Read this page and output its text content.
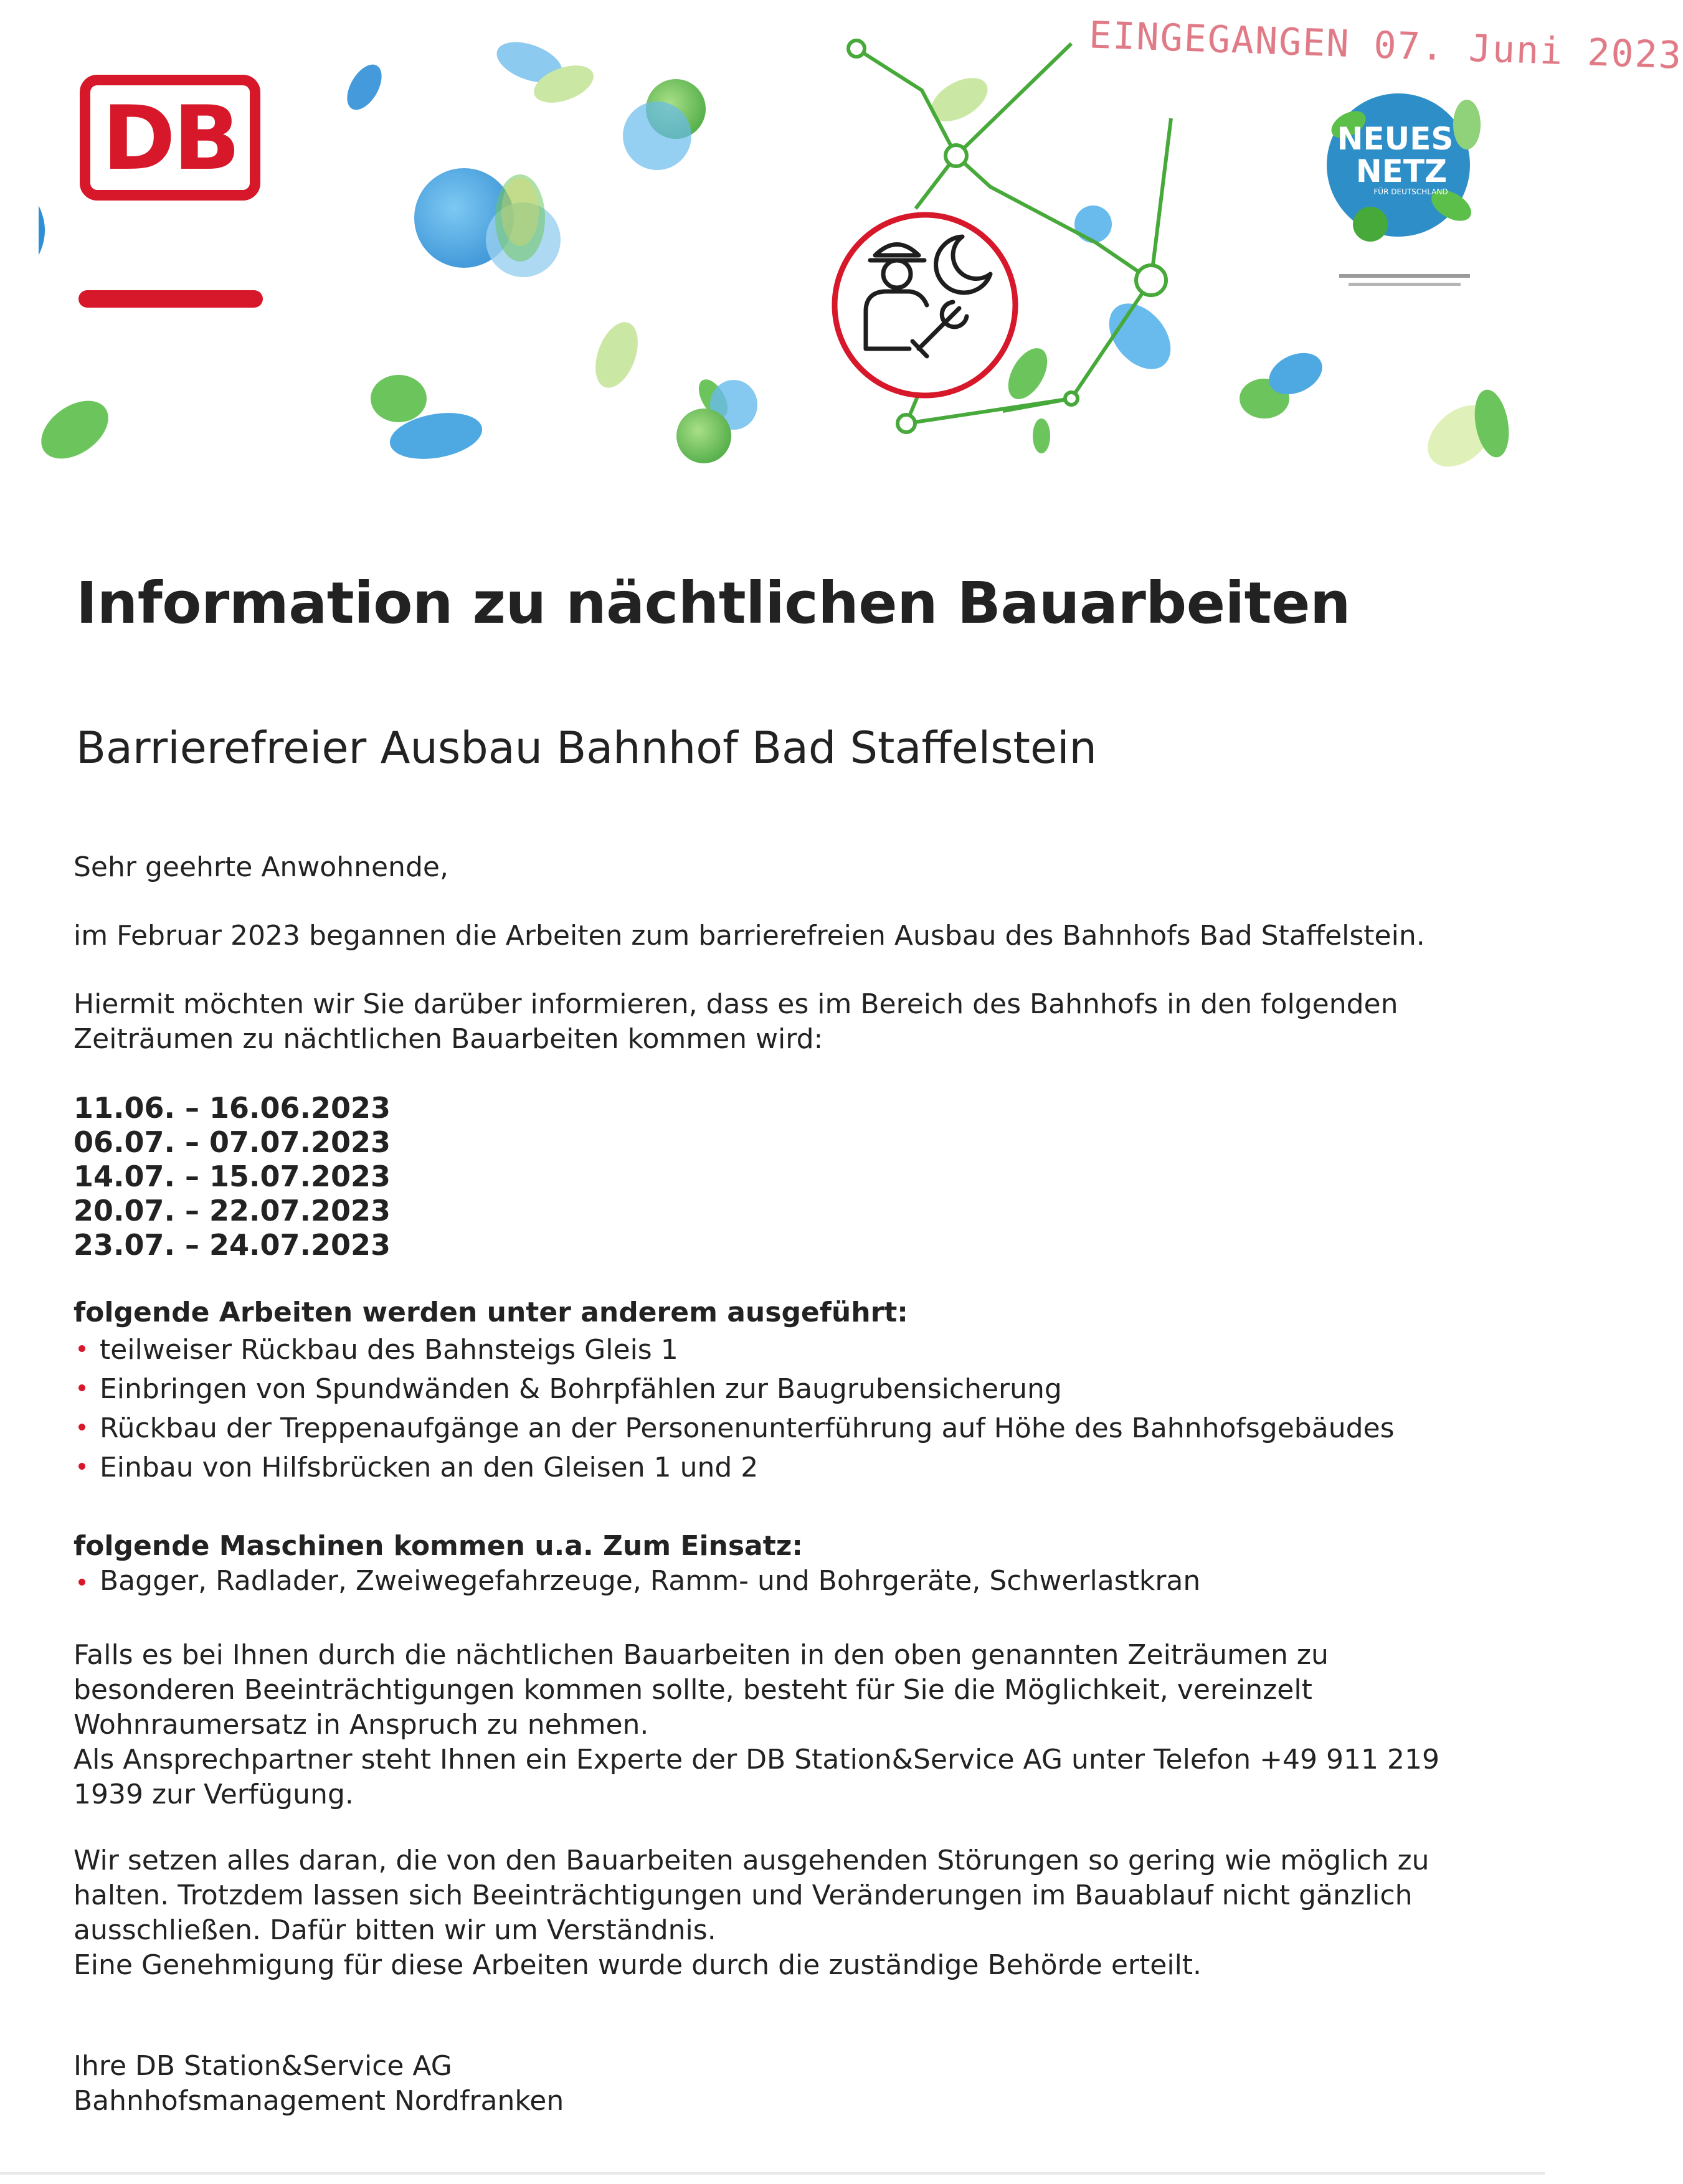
NEUES
NETZ
FÜR DEUTSCHLAND
DB
EINGEGANGEN 07. Juni 2023
Information zu nächtlichen Bauarbeiten
Barrierefreier Ausbau Bahnhof Bad Staffelstein

Sehr geehrte Anwohnende,

im Februar 2023 begannen die Arbeiten zum barrierefreien Ausbau des Bahnhofs Bad Staffelstein.

Hiermit möchten wir Sie darüber informieren, dass es im Bereich des Bahnhofs in den folgenden Zeiträumen zu nächtlichen Bauarbeiten kommen wird:

11.06. – 16.06.2023

06.07. – 07.07.2023

14.07. – 15.07.2023

20.07. – 22.07.2023

23.07. – 24.07.2023

folgende Arbeiten werden unter anderem ausgeführt:

teilweiser Rückbau des Bahnsteigs Gleis 1
Einbringen von Spundwänden & Bohrpfählen zur Baugrubensicherung
Rückbau der Treppenaufgänge an der Personenunterführung auf Höhe des Bahnhofsgebäudes
Einbau von Hilfsbrücken an den Gleisen 1 und 2

folgende Maschinen kommen u.a. Zum Einsatz:

Bagger, Radlader, Zweiwegefahrzeuge, Ramm- und Bohrgeräte, Schwerlastkran

Falls es bei Ihnen durch die nächtlichen Bauarbeiten in den oben genannten Zeiträumen zu besonderen Beeinträchtigungen kommen sollte, besteht für Sie die Möglichkeit, vereinzelt Wohnraumersatz in Anspruch zu nehmen.

Als Ansprechpartner steht Ihnen ein Experte der DB Station&Service AG unter Telefon +49 911 219 1939 zur Verfügung.

Wir setzen alles daran, die von den Bauarbeiten ausgehenden Störungen so gering wie möglich zu halten. Trotzdem lassen sich Beeinträchtigungen und Veränderungen im Bauablauf nicht gänzlich ausschließen. Dafür bitten wir um Verständnis.

Eine Genehmigung für diese Arbeiten wurde durch die zuständige Behörde erteilt.

Ihre DB Station&Service AG

Bahnhofsmanagement Nordfranken
